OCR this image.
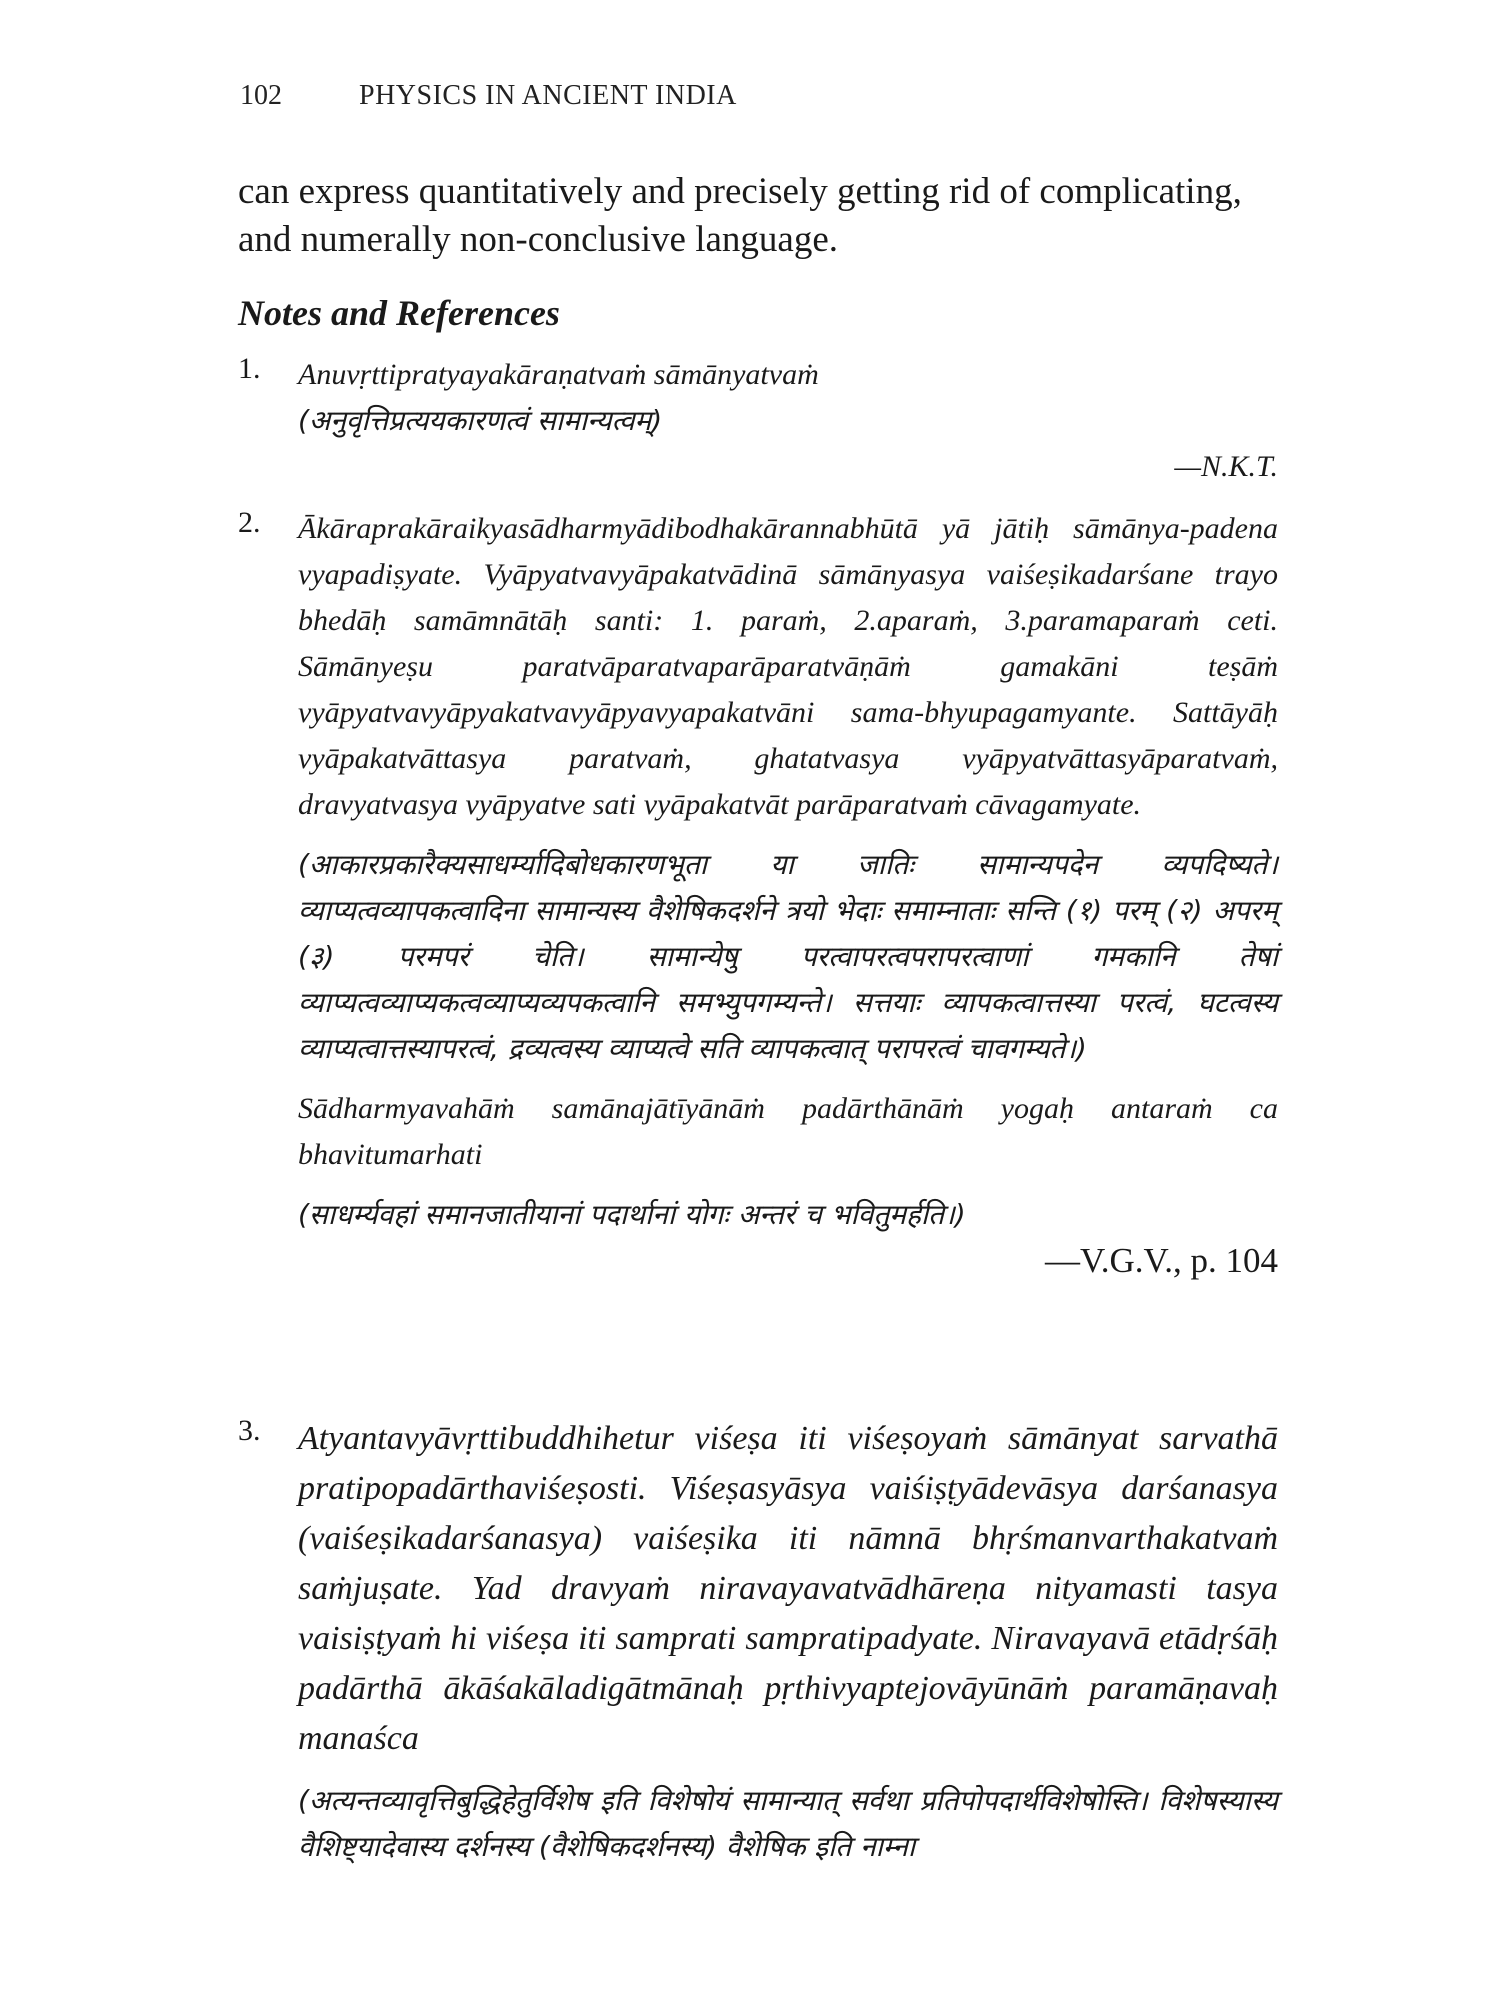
102	PHYSICS IN ANCIENT INDIA
can express quantitatively and precisely getting rid of complicating, and numerally non-conclusive language.
Notes and References
1. Anuvṛttipratyayakāraṇatvaṁ sāmānyatvaṁ
(अनुवृत्तिप्रत्ययकारणत्वं सामान्यत्वम्)
—N.K.T.
2. Ākāraprakāraikyasādharmyādibodhakārannabhūtā yā jātiḥ sāmānya-padena vyapadiṣyate. Vyāpyatvavyāpakatvādinā sāmānyasya vaiśeṣikadarśane trayo bhedāḥ samāmnātāḥ santi: 1. paraṁ, 2.aparaṁ, 3.paramaparaṁ ceti. Sāmānyeṣu paratvāparatvaparāparatvāṇāṁ gamakāni teṣāṁ vyāpyatvavyāpyakatvavyāpyavyapakatvāni sama-bhyupagamyante. Sattāyāḥ vyāpakatvāttasya paratvaṁ, ghatatvasya vyāpyatvāttasyāparatvaṁ, dravyatvasya vyāpyatve sati vyāpakatvāt parāparatvaṁ cāvagamyate.
(आकारप्रकारैक्यसाधर्म्यादिबोधकारणभूता या जातिः सामान्यपदेन व्यपदिष्यते। व्याप्यत्वव्यापकत्वादिना सामान्यस्य वैशेषिकदर्शने त्रयो भेदाः समाम्नाताः सन्ति (१) परम् (२) अपरम् (३) परमपरं चेति। सामान्येषु परत्वापरत्वपरापरत्वाणां गमकानि तेषां व्याप्यत्वव्याप्यकत्वव्याप्यव्यपकत्वानि समभ्युपगम्यन्ते। सत्तयाः व्यापकत्वात्तस्या परत्वं, घटत्वस्य व्याप्यत्वात्तस्यापरत्वं, द्रव्यत्वस्य व्याप्यत्वे सति व्यापकत्वात् परापरत्वं चावगम्यते।)
Sādharmyavahāṁ samānajātīyānāṁ padārthānāṁ yogaḥ antaraṁ ca bhavitumarhati
(साधर्म्यवहां समानजातीयानां पदार्थानां योगः अन्तरं च भवितुमर्हति।)
—V.G.V., p. 104
3. Atyantavyāvṛttibuddhihetur viśeṣa iti viśeṣoyaṁ sāmānyat sarvathā pratipopadārthaviśeṣosti. Viśeṣasyāsya vaiśiṣṭyādevāsya darśanasya (vaiśeṣikadarśanasya) vaiśeṣika iti nāmnā bhṛśmanvarthakatvaṁ saṁjuṣate. Yad dravyaṁ niravayavatvādhāreṇa nityamasti tasya vaisiṣṭyaṁ hi viśeṣa iti samprati sampratipadyate. Niravayavā etādṛśāḥ padārthā ākāśakāladigātmānaḥ pṛthivyaptejovāyūnāṁ paramāṇavaḥ manaśca
(अत्यन्तव्यावृत्तिबुद्धिहेतुर्विशेष इति विशेषोयं सामान्यात् सर्वथा प्रतिपोपदार्थविशेषोस्ति। विशेषस्यास्य वैशिष्ट्यादेवास्य दर्शनस्य (वैशेषिकदर्शनस्य) वैशेषिक इति नाम्ना
